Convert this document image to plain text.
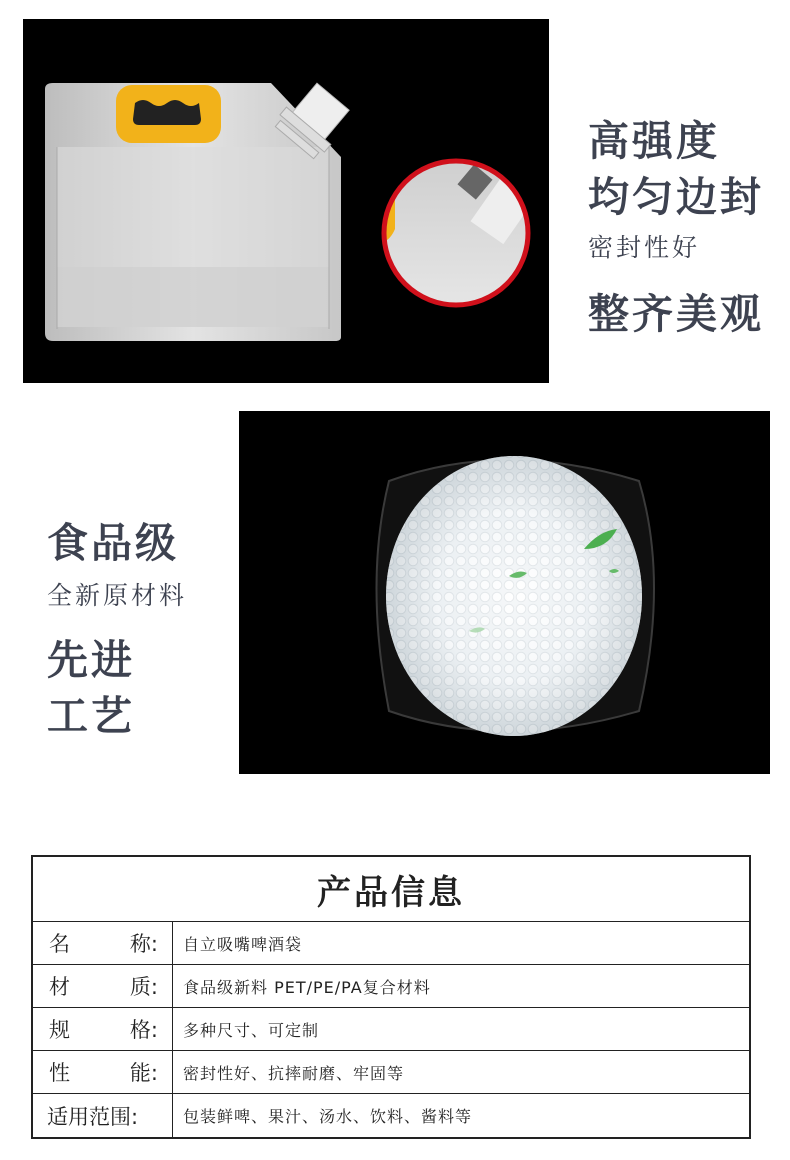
高强度
均匀边封
密封性好
整齐美观
食品级
全新原材料
先进
工艺
产品信息
名	称:	自立吸嘴啤酒袋
材	质:	食品级新料 PET/PE/PA复合材料
规	格:	多种尺寸、可定制
性	能:	密封性好、抗摔耐磨、牢固等
适用范围:	包装鲜啤、果汁、汤水、饮料、酱料等
